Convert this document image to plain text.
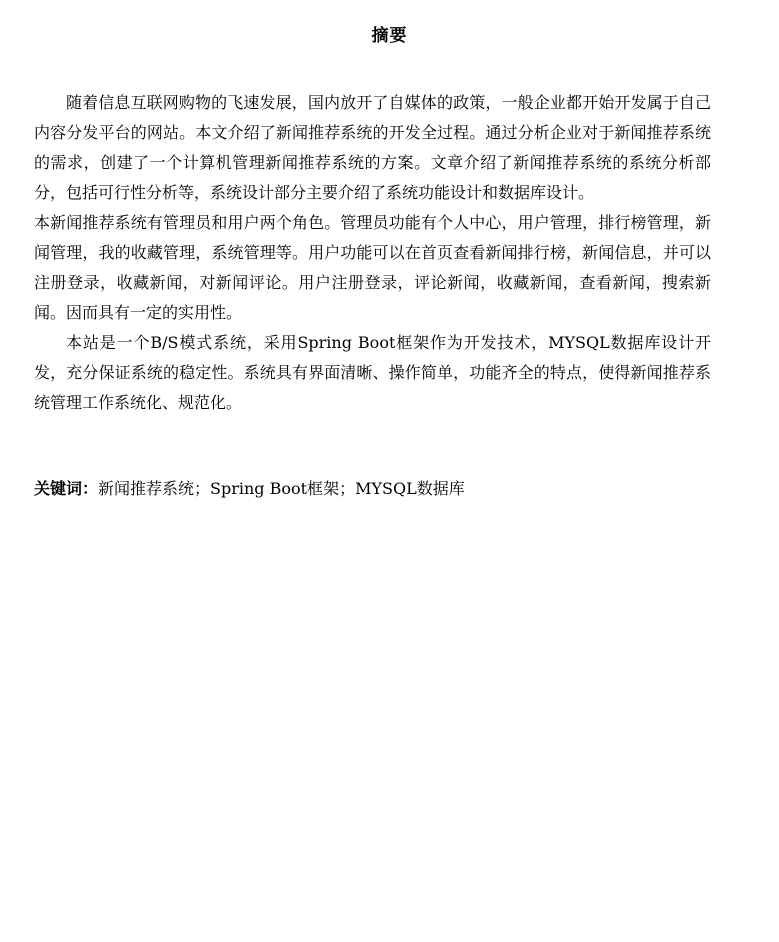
摘要

随着信息互联网购物的飞速发展，国内放开了自媒体的政策，一般企业都开始开发属于自己内容分发平台的网站。本文介绍了新闻推荐系统的开发全过程。通过分析企业对于新闻推荐系统的需求，创建了一个计算机管理新闻推荐系统的方案。文章介绍了新闻推荐系统的系统分析部分，包括可行性分析等，系统设计部分主要介绍了系统功能设计和数据库设计。

本新闻推荐系统有管理员和用户两个角色。管理员功能有个人中心，用户管理，排行榜管理，新闻管理，我的收藏管理，系统管理等。用户功能可以在首页查看新闻排行榜，新闻信息，并可以注册登录，收藏新闻，对新闻评论。用户注册登录，评论新闻，收藏新闻，查看新闻，搜索新闻。因而具有一定的实用性。

本站是一个B/S模式系统，采用Spring Boot框架作为开发技术，MYSQL数据库设计开发，充分保证系统的稳定性。系统具有界面清晰、操作简单，功能齐全的特点，使得新闻推荐系统管理工作系统化、规范化。

关键词：新闻推荐系统；Spring Boot框架；MYSQL数据库
